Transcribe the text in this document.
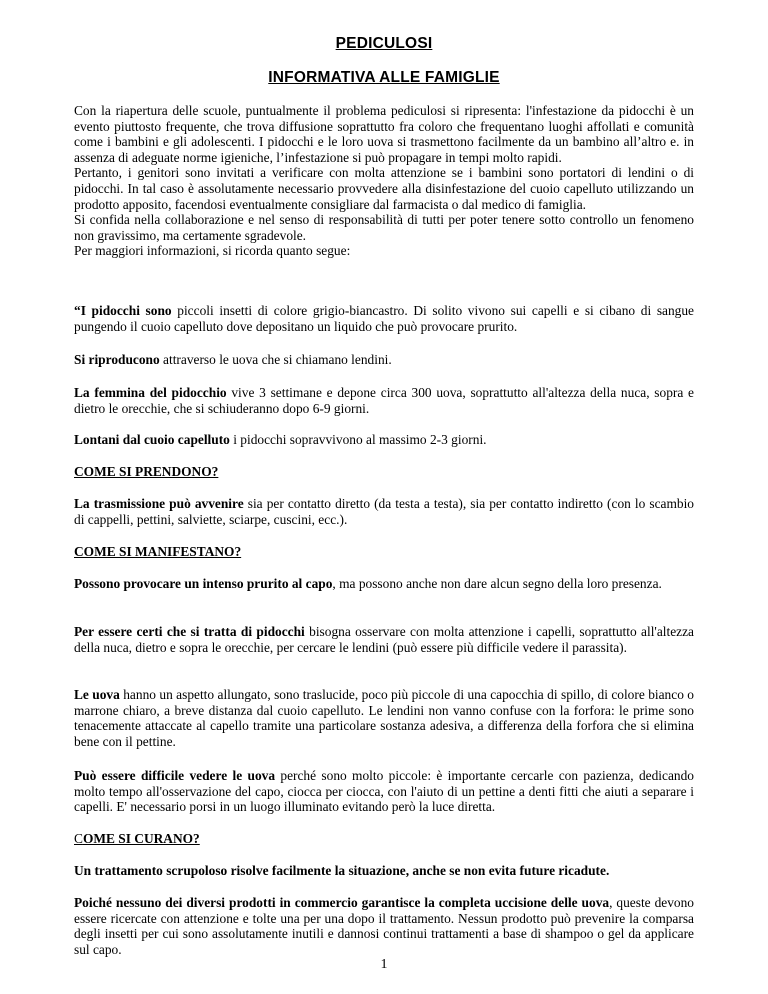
PEDICULOSI
INFORMATIVA ALLE FAMIGLIE

Con la riapertura delle scuole, puntualmente il problema pediculosi si ripresenta: l'infestazione da pidocchi è un evento piuttosto frequente, che trova diffusione soprattutto fra coloro che frequentano luoghi affollati e comunità come i bambini e gli adolescenti. I pidocchi e le loro uova si trasmettono facilmente da un bambino all’altro e. in assenza di adeguate norme igieniche, l’infestazione si può propagare in tempi molto rapidi.

Pertanto, i genitori sono invitati a verificare con molta attenzione se i bambini sono portatori di lendini o di pidocchi. In tal caso è assolutamente necessario provvedere alla disinfestazione del cuoio capelluto utilizzando un prodotto apposito, facendosi eventualmente consigliare dal farmacista o dal medico di famiglia.

Si confida nella collaborazione e nel senso di responsabilità di tutti per poter tenere sotto controllo un fenomeno non gravissimo, ma certamente sgradevole.

Per maggiori informazioni, si ricorda quanto segue:

“I pidocchi sono piccoli insetti di colore grigio-biancastro. Di solito vivono sui capelli e si cibano di sangue pungendo il cuoio capelluto dove depositano un liquido che può provocare prurito.

Si riproducono attraverso le uova che si chiamano lendini.

La femmina del pidocchio vive 3 settimane e depone circa 300 uova, soprattutto all'altezza della nuca, sopra e dietro le orecchie, che si schiuderanno dopo 6-9 giorni.

Lontani dal cuoio capelluto i pidocchi sopravvivono al massimo 2-3 giorni.

COME SI PRENDONO?

La trasmissione può avvenire sia per contatto diretto (da testa a testa), sia per contatto indiretto (con lo scambio di cappelli, pettini, salviette, sciarpe, cuscini, ecc.).

COME SI MANIFESTANO?

Possono provocare un intenso prurito al capo, ma possono anche non dare alcun segno della loro presenza.

Per essere certi che si tratta di pidocchi bisogna osservare con molta attenzione i capelli, soprattutto all'altezza della nuca, dietro e sopra le orecchie, per cercare le lendini (può essere più difficile vedere il parassita).

Le uova hanno un aspetto allungato, sono traslucide, poco più piccole di una capocchia di spillo, di colore bianco o marrone chiaro, a breve distanza dal cuoio capelluto. Le lendini non vanno confuse con la forfora: le prime sono tenacemente attaccate al capello tramite una particolare sostanza adesiva, a differenza della forfora che si elimina bene con il pettine.

Può essere difficile vedere le uova perché sono molto piccole: è importante cercarle con pazienza, dedicando molto tempo all'osservazione del capo, ciocca per ciocca, con l'aiuto di un pettine a denti fitti che aiuti a separare i capelli. E' necessario porsi in un luogo illuminato evitando però la luce diretta.

COME SI CURANO?

Un trattamento scrupoloso risolve facilmente la situazione, anche se non evita future ricadute.

Poiché nessuno dei diversi prodotti in commercio garantisce la completa uccisione delle uova, queste devono essere ricercate con attenzione e tolte una per una dopo il trattamento. Nessun prodotto può prevenire la comparsa degli insetti per cui sono assolutamente inutili e dannosi continui trattamenti a base di shampoo o gel da applicare sul capo.

1
